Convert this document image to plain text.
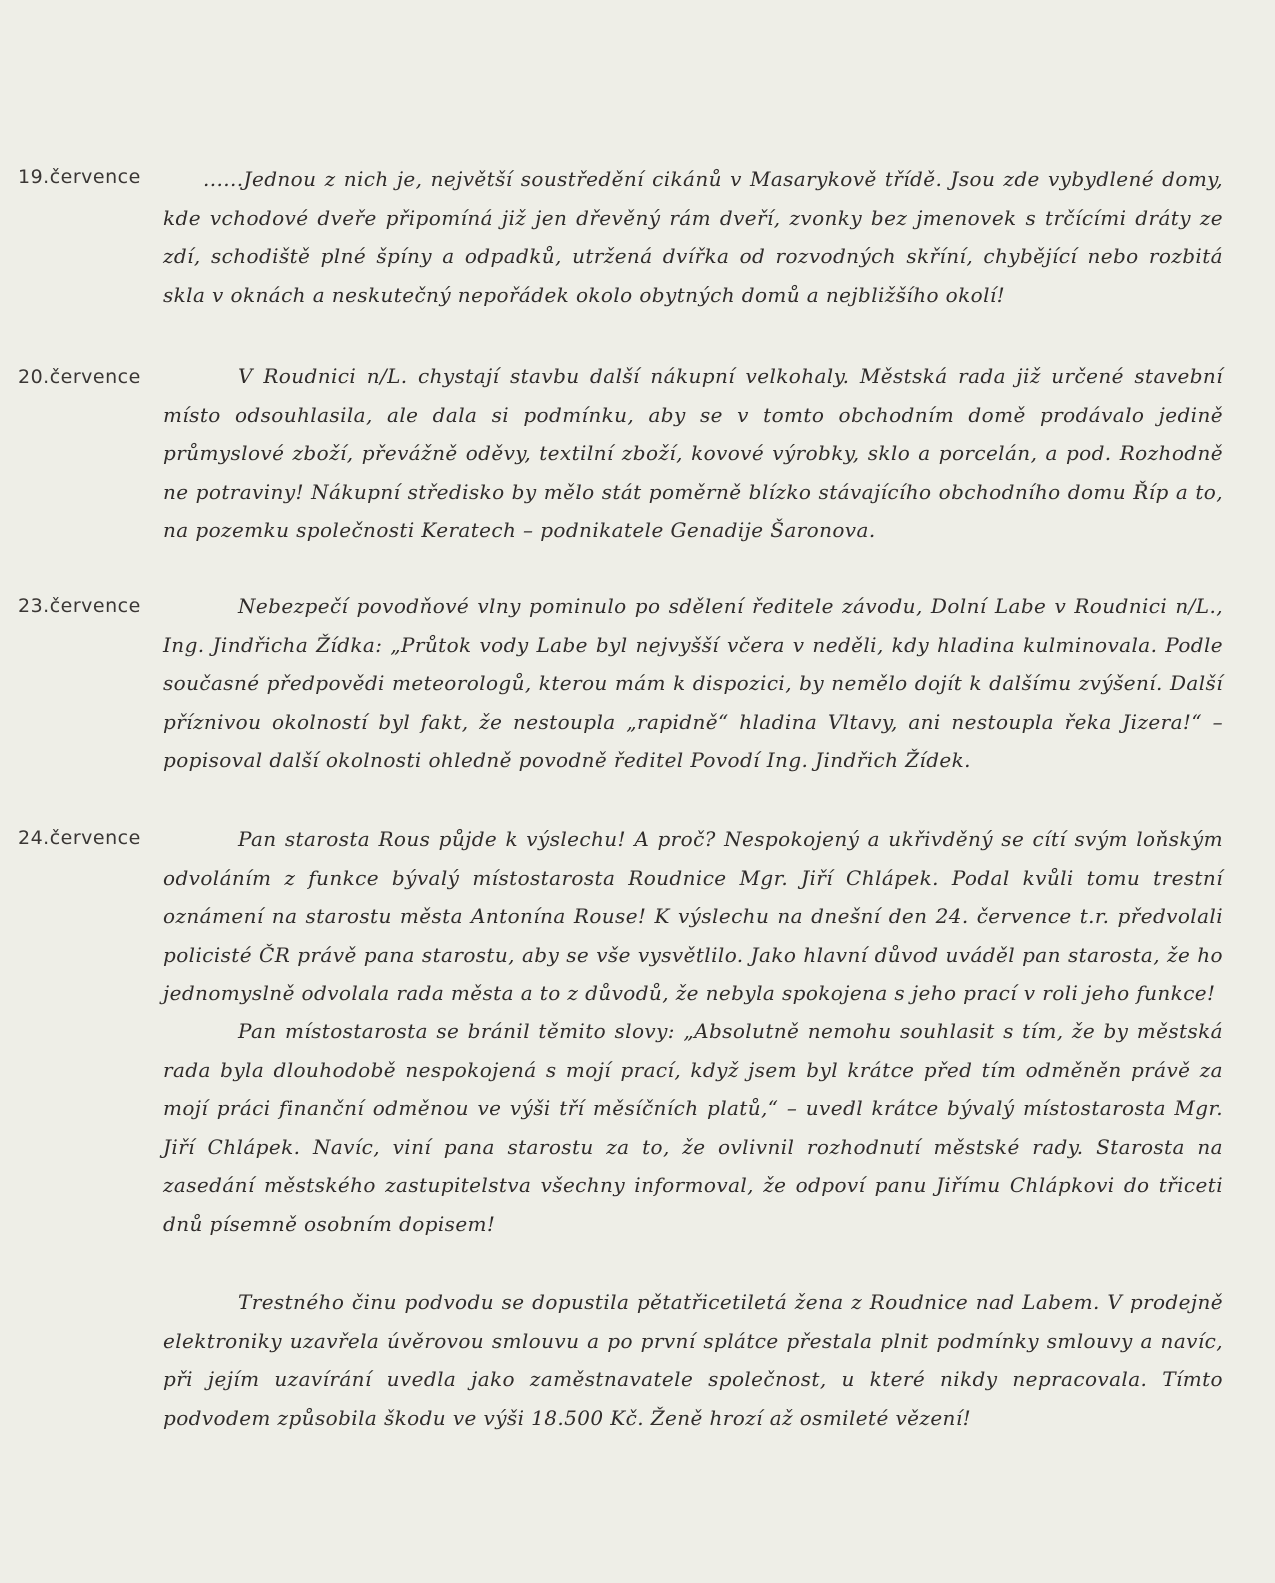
19.července	......Jednou z nich je, největší soustředění cikánů v Masarykově třídě. Jsou zde vybydlené domy, kde vchodové dveře připomíná již jen dřevěný rám dveří, zvonky bez jmenovek s trčícími dráty ze zdí, schodiště plné špíny a odpadků, utržená dvířka od rozvodných skříní, chybějící nebo rozbitá skla v oknách a neskutečný nepořádek okolo obytných domů a nejbližšího okolí!
20.července	V Roudnici n/L. chystají stavbu další nákupní velkohaly. Městská rada již určené stavební místo odsouhlasila, ale dala si podmínku, aby se v tomto obchodním domě prodávalo jedině průmyslové zboží, převážně oděvy, textilní zboží, kovové výrobky, sklo a porcelán, a pod. Rozhodně ne potraviny! Nákupní středisko by mělo stát poměrně blízko stávajícího obchodního domu Říp a to, na pozemku společnosti Keratech – podnikatele Genadije Šaronova.
23.července	Nebezpečí povodňové vlny pominulo po sdělení ředitele závodu, Dolní Labe v Roudnici n/L., Ing. Jindřicha Žídka: „Průtok vody Labe byl nejvyšší včera v neděli, kdy hladina kulminovala. Podle současné předpovědi meteorologů, kterou mám k dispozici, by nemělo dojít k dalšímu zvýšení. Další příznivou okolností byl fakt, že nestoupla „rapidně“ hladina Vltavy, ani nestoupla řeka Jizera!“ – popisoval další okolnosti ohledně povodně ředitel Povodí Ing. Jindřich Žídek.
24.července	Pan starosta Rous půjde k výslechu! A proč? Nespokojený a ukřivděný se cítí svým loňským odvoláním z funkce bývalý místostarosta Roudnice Mgr. Jiří Chlápek. Podal kvůli tomu trestní oznámení na starostu města Antonína Rouse! K výslechu na dnešní den 24. července t.r. předvolali policisté ČR právě pana starostu, aby se vše vysvětlilo. Jako hlavní důvod uváděl pan starosta, že ho jednomyslně odvolala rada města a to z důvodů, že nebyla spokojena s jeho prací v roli jeho funkce!
Pan místostarosta se bránil těmito slovy: „Absolutně nemohu souhlasit s tím, že by městská rada byla dlouhodobě nespokojená s mojí prací, když jsem byl krátce před tím odměněn právě za mojí práci finanční odměnou ve výši tří měsíčních platů,“ – uvedl krátce bývalý místostarosta Mgr. Jiří Chlápek. Navíc, viní pana starostu za to, že ovlivnil rozhodnutí městské rady. Starosta na zasedání městského zastupitelstva všechny informoval, že odpoví panu Jiřímu Chlápkovi do třiceti dnů písemně osobním dopisem!
Trestného činu podvodu se dopustila pětatřicetiletá žena z Roudnice nad Labem. V prodejně elektroniky uzavřela úvěrovou smlouvu a po první splátce přestala plnit podmínky smlouvy a navíc, při jejím uzavírání uvedla jako zaměstnavatele společnost, u které nikdy nepracovala. Tímto podvodem způsobila škodu ve výši 18.500 Kč. Ženě hrozí až osmileté vězení!
